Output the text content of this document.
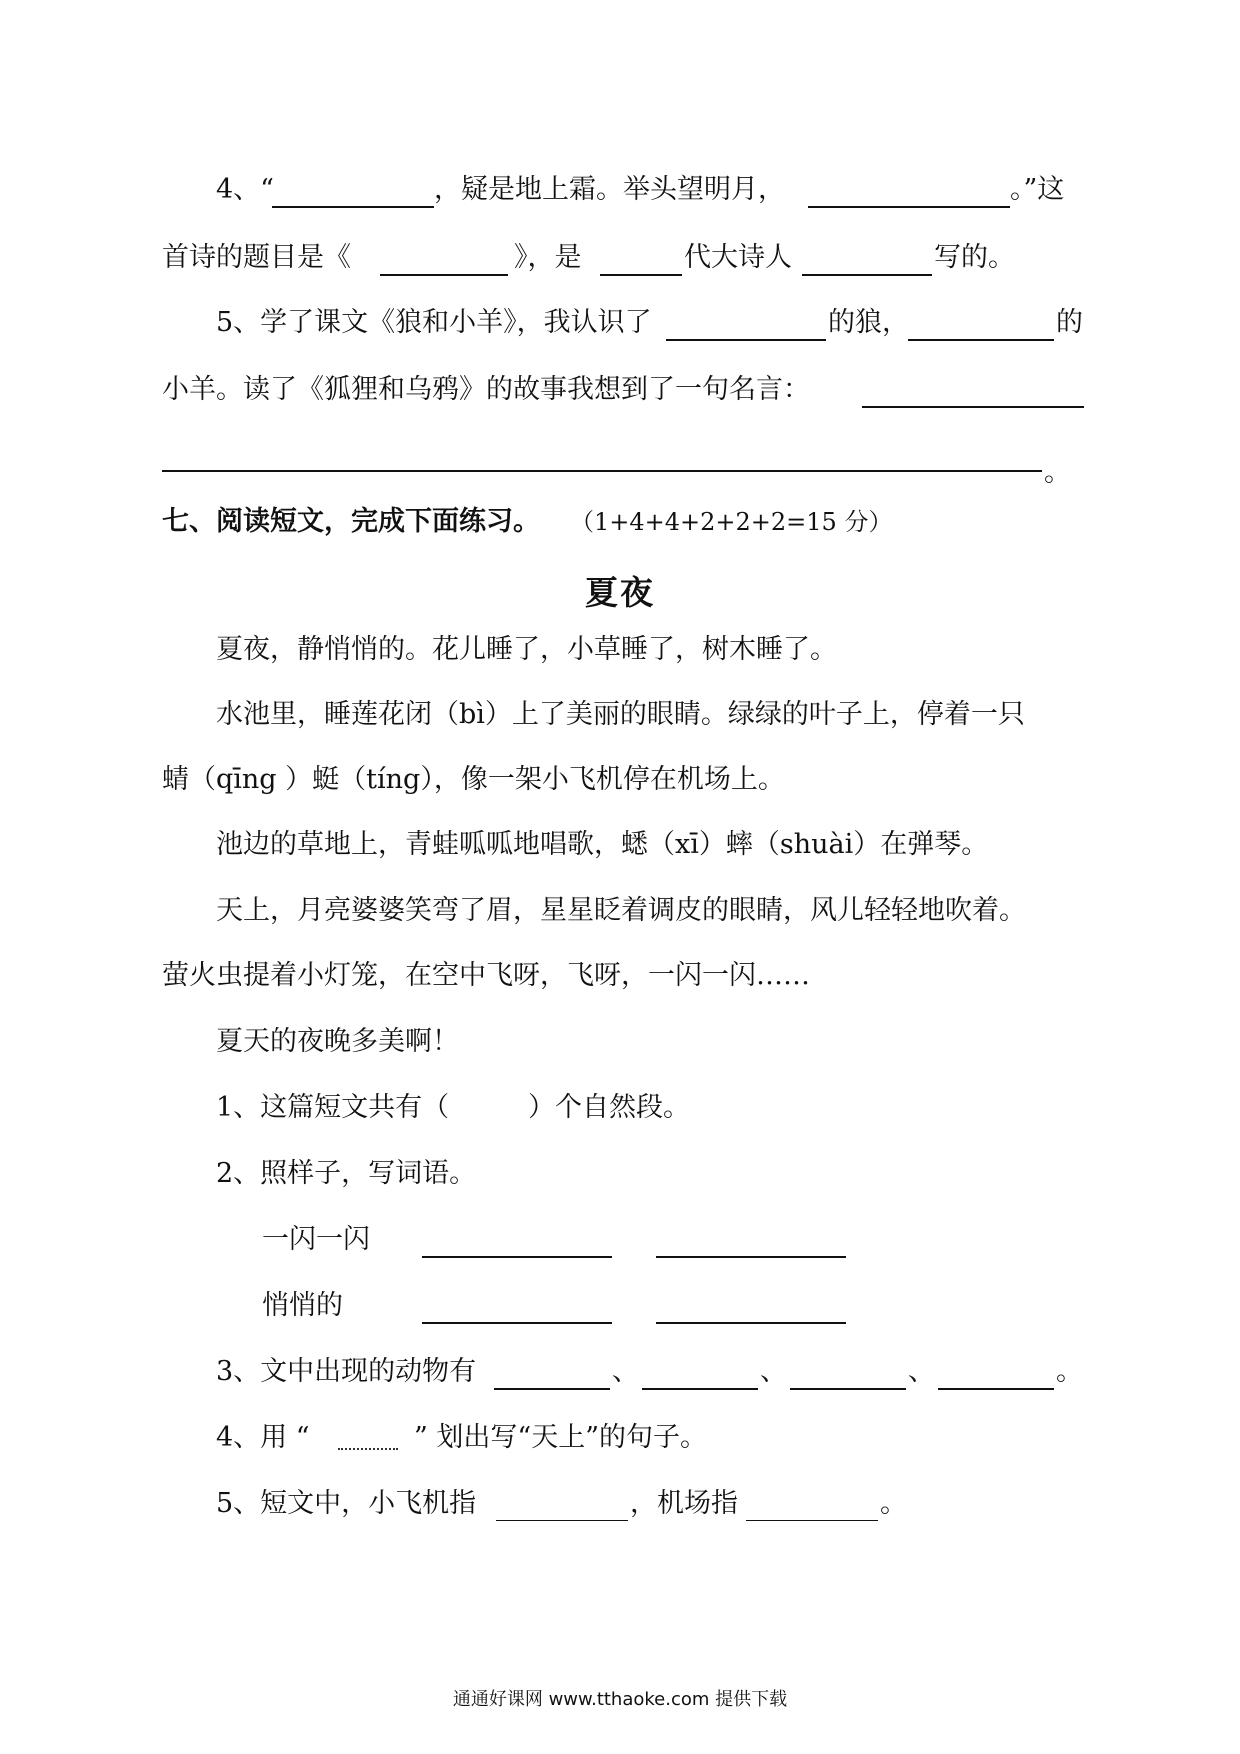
4、“	，疑是地上霜。举头望明月，	。”这
首诗的题目是《	》，是	代大诗人	写的。
5、学了课文《狼和小羊》，我认识了	的狼，	的
小羊。读了《狐狸和乌鸦》的故事我想到了一句名言：
。
七、阅读短文，完成下面练习。 （1+4+4+2+2+2=15 分）
夏夜
夏夜，静悄悄的。花儿睡了，小草睡了，树木睡了。
水池里，睡莲花闭（bì）上了美丽的眼睛。绿绿的叶子上，停着一只
蜻（qīng ）蜓（tíng），像一架小飞机停在机场上。
池边的草地上，青蛙呱呱地唱歌，蟋（xī）蟀（shuài）在弹琴。
天上，月亮婆婆笑弯了眉，星星眨着调皮的眼睛，风儿轻轻地吹着。
萤火虫提着小灯笼，在空中飞呀，飞呀，一闪一闪……
夏天的夜晚多美啊！
1、这篇短文共有（	）个自然段。
2、照样子，写词语。
一闪一闪
悄悄的
3、文中出现的动物有	、	、	、	。
4、用 “	” 划出写“天上”的句子。
5、短文中，小飞机指	，机场指	。
通通好课网 www.tthaoke.com 提供下载
